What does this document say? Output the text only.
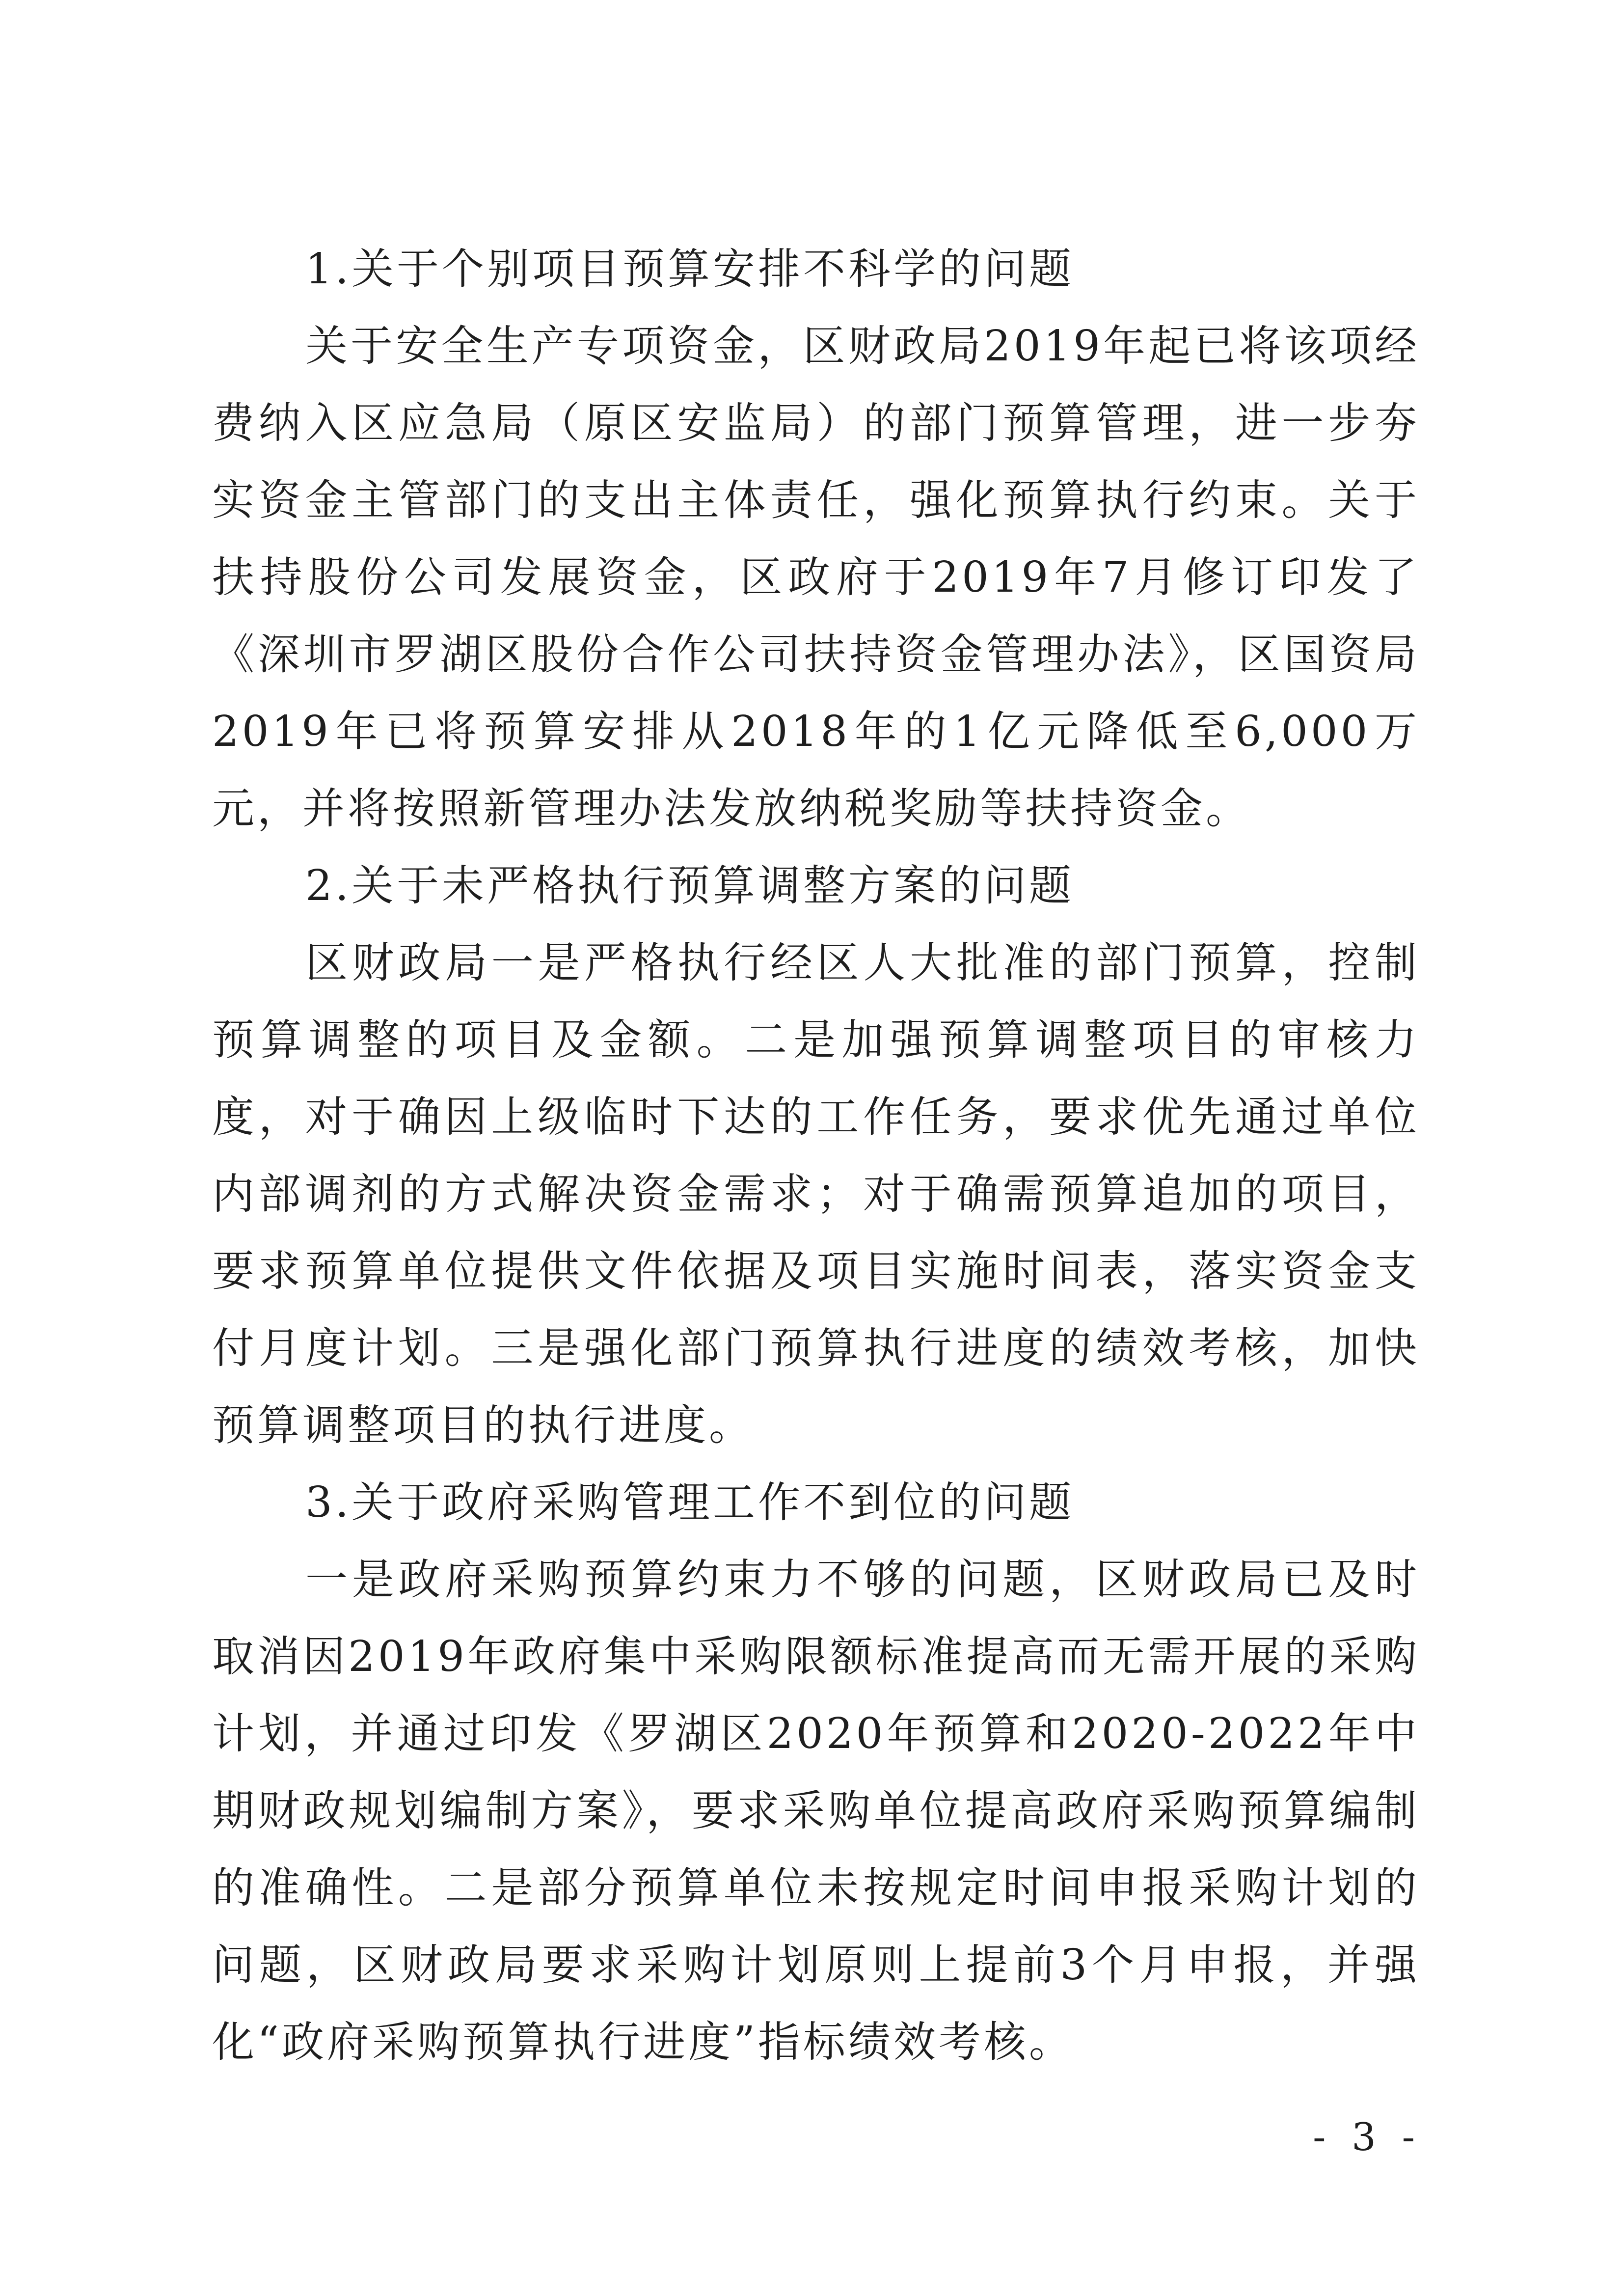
1.关于个别项目预算安排不科学的问题

关于安全生产专项资金，区财政局2019年起已将该项经费纳入区应急局（原区安监局）的部门预算管理，进一步夯实资金主管部门的支出主体责任，强化预算执行约束。关于扶持股份公司发展资金，区政府于2019年7月修订印发了《深圳市罗湖区股份合作公司扶持资金管理办法》，区国资局2019年已将预算安排从2018年的1亿元降低至6,000万元，并将按照新管理办法发放纳税奖励等扶持资金。

2.关于未严格执行预算调整方案的问题

区财政局一是严格执行经区人大批准的部门预算，控制预算调整的项目及金额。二是加强预算调整项目的审核力度，对于确因上级临时下达的工作任务，要求优先通过单位内部调剂的方式解决资金需求；对于确需预算追加的项目，要求预算单位提供文件依据及项目实施时间表，落实资金支付月度计划。三是强化部门预算执行进度的绩效考核，加快预算调整项目的执行进度。

3.关于政府采购管理工作不到位的问题

一是政府采购预算约束力不够的问题，区财政局已及时取消因2019年政府集中采购限额标准提高而无需开展的采购计划，并通过印发《罗湖区2020年预算和2020-2022年中期财政规划编制方案》，要求采购单位提高政府采购预算编制的准确性。二是部分预算单位未按规定时间申报采购计划的问题，区财政局要求采购计划原则上提前3个月申报，并强化“政府采购预算执行进度”指标绩效考核。

- 3 -
